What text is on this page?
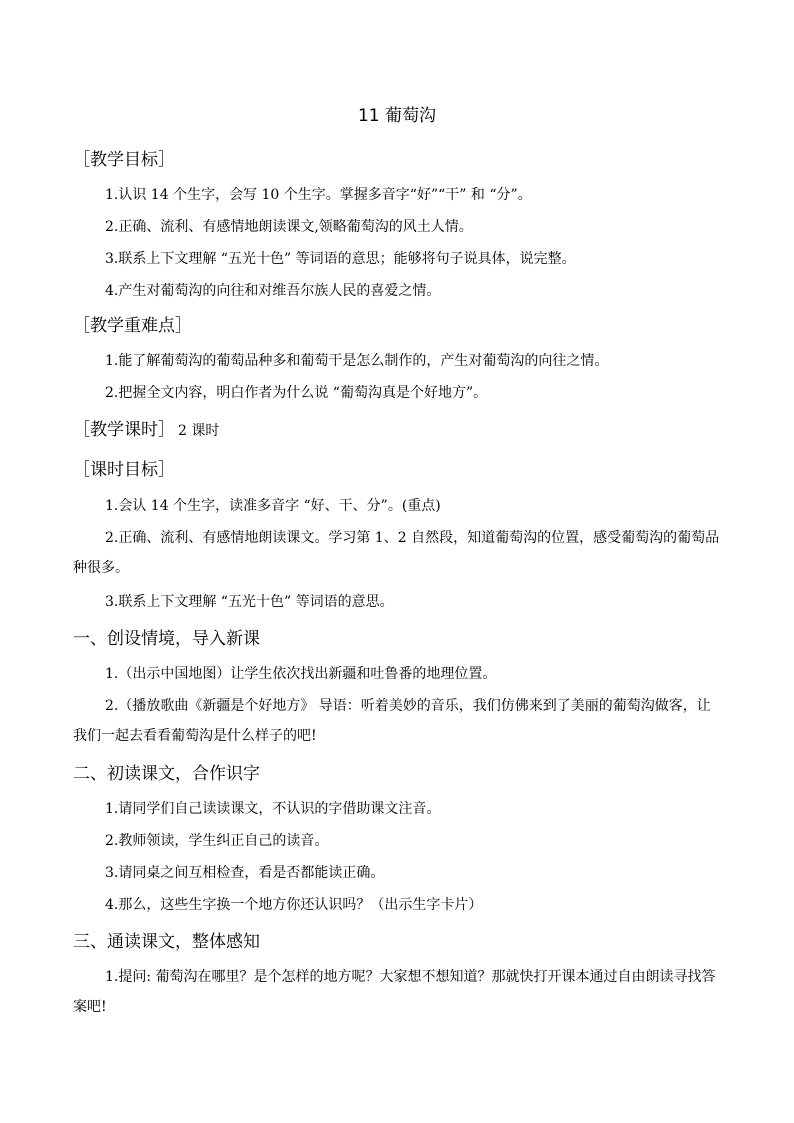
11 葡萄沟
［教学目标］
1.认识 14 个生字，会写 10 个生字。掌握多音字“好”“干” 和 “分”。
2.正确、流利、有感情地朗读课文,领略葡萄沟的风土人情。
3.联系上下文理解 “五光十色” 等词语的意思；能够将句子说具体，说完整。
4.产生对葡萄沟的向往和对维吾尔族人民的喜爱之情。
［教学重难点］
1.能了解葡萄沟的葡萄品种多和葡萄干是怎么制作的，产生对葡萄沟的向往之情。
2.把握全文内容，明白作者为什么说 “葡萄沟真是个好地方”。
［教学课时］ 2 课时
［课时目标］
1.会认 14 个生字，读准多音字 “好、干、分”。(重点)
2.正确、流利、有感情地朗读课文。学习第 1、2 自然段，知道葡萄沟的位置，感受葡萄沟的葡萄品种很多。
3.联系上下文理解 “五光十色” 等词语的意思。
一、创设情境，导入新课
1.（出示中国地图）让学生依次找出新疆和吐鲁番的地理位置。
2.（播放歌曲《新疆是个好地方》 导语：听着美妙的音乐，我们仿佛来到了美丽的葡萄沟做客，让我们一起去看看葡萄沟是什么样子的吧!
二、初读课文，合作识字
1.请同学们自己读读课文，不认识的字借助课文注音。
2.教师领读，学生纠正自己的读音。
3.请同桌之间互相检查，看是否都能读正确。
4.那么，这些生字换一个地方你还认识吗？（出示生字卡片）
三、通读课文，整体感知
1.提问: 葡萄沟在哪里？是个怎样的地方呢？大家想不想知道？那就快打开课本通过自由朗读寻找答案吧!
